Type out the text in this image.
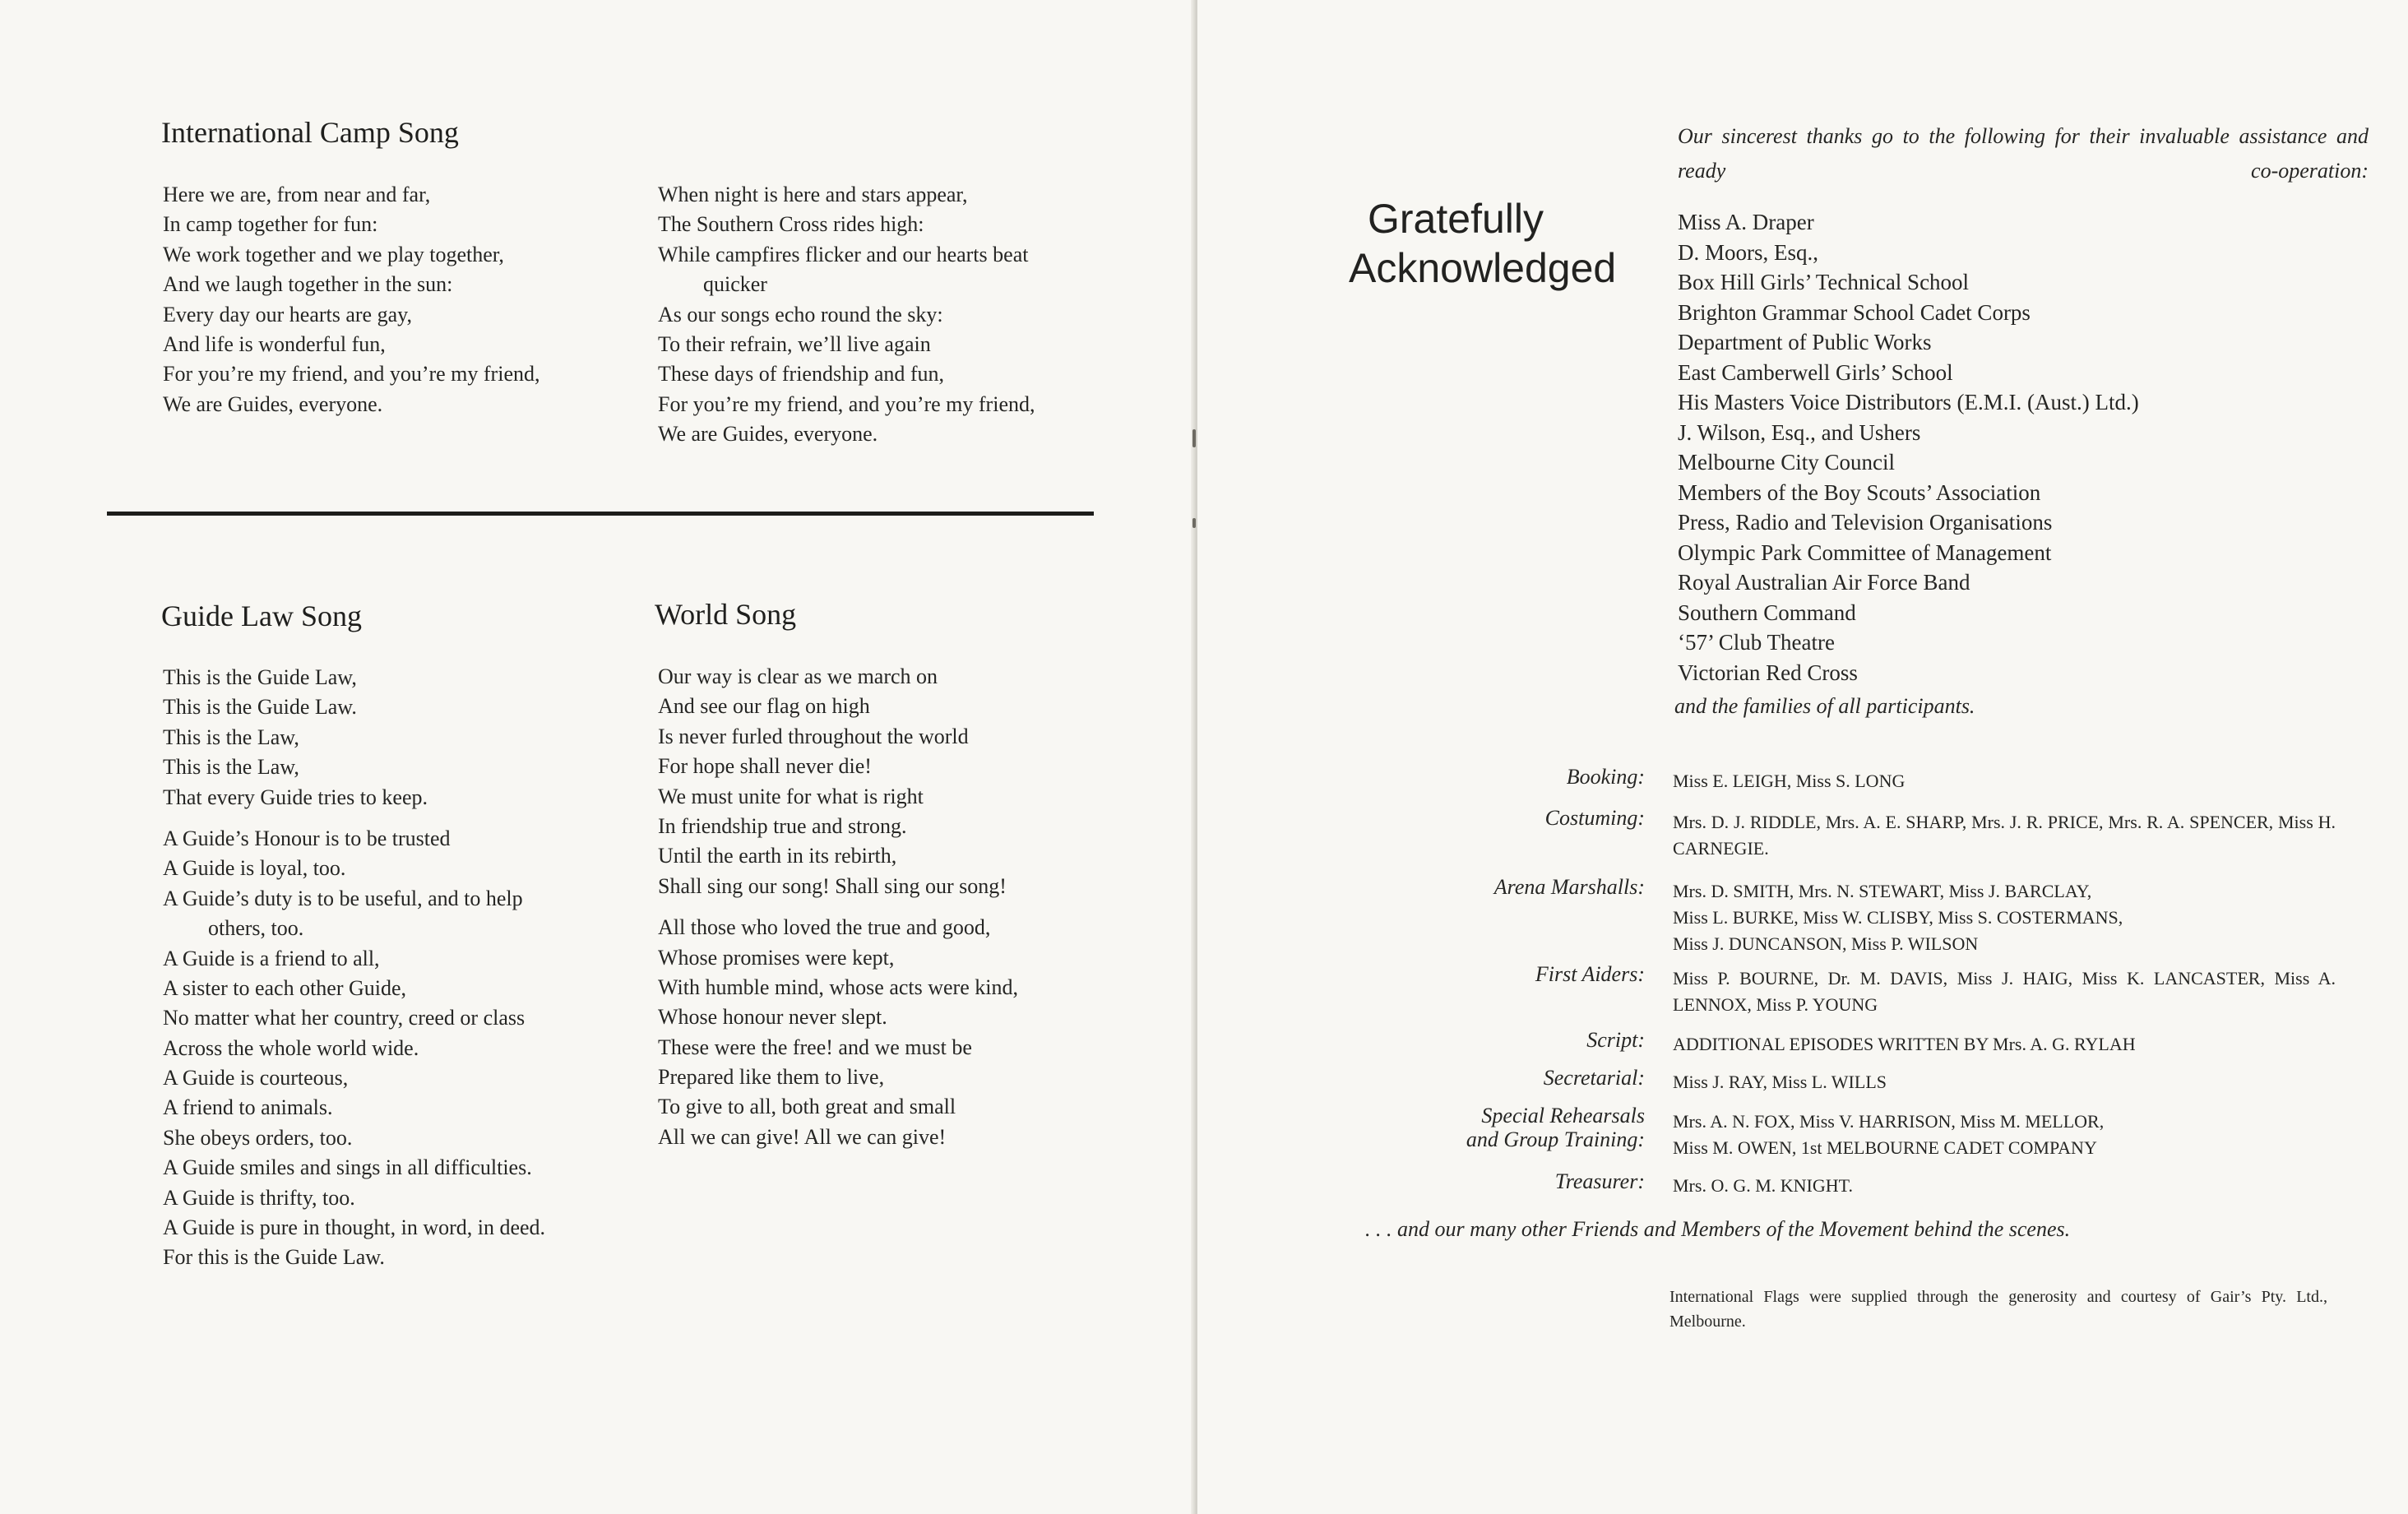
International Camp Song
Here we are, from near and far,
In camp together for fun:
We work together and we play together,
And we laugh together in the sun:
Every day our hearts are gay,
And life is wonderful fun,
For you’re my friend, and you’re my friend,
We are Guides, everyone.
When night is here and stars appear,
The Southern Cross rides high:
While campfires flicker and our hearts beat
quicker
As our songs echo round the sky:
To their refrain, we’ll live again
These days of friendship and fun,
For you’re my friend, and you’re my friend,
We are Guides, everyone.
Guide Law Song
This is the Guide Law,
This is the Guide Law.
This is the Law,
This is the Law,
That every Guide tries to keep.
A Guide’s Honour is to be trusted
A Guide is loyal, too.
A Guide’s duty is to be useful, and to help
others, too.
A Guide is a friend to all,
A sister to each other Guide,
No matter what her country, creed or class
Across the whole world wide.
A Guide is courteous,
A friend to animals.
She obeys orders, too.
A Guide smiles and sings in all difficulties.
A Guide is thrifty, too.
A Guide is pure in thought, in word, in deed.
For this is the Guide Law.
World Song
Our way is clear as we march on
And see our flag on high
Is never furled throughout the world
For hope shall never die!
We must unite for what is right
In friendship true and strong.
Until the earth in its rebirth,
Shall sing our song! Shall sing our song!
All those who loved the true and good,
Whose promises were kept,
With humble mind, whose acts were kind,
Whose honour never slept.
These were the free! and we must be
Prepared like them to live,
To give to all, both great and small
All we can give! All we can give!

Our sincerest thanks go to the following for their invaluable assistance and ready co-operation:

Gratefully
Acknowledged
Miss A. Draper
D. Moors, Esq.,
Box Hill Girls’ Technical School
Brighton Grammar School Cadet Corps
Department of Public Works
East Camberwell Girls’ School
His Masters Voice Distributors (E.M.I. (Aust.) Ltd.)
J. Wilson, Esq., and Ushers
Melbourne City Council
Members of the Boy Scouts’ Association
Press, Radio and Television Organisations
Olympic Park Committee of Management
Royal Australian Air Force Band
Southern Command
‘57’ Club Theatre
Victorian Red Cross

and the families of all participants.

Booking: Miss E. LEIGH, Miss S. LONG
Costuming: Mrs. D. J. RIDDLE, Mrs. A. E. SHARP, Mrs. J. R. PRICE, Mrs. R. A. SPENCER, Miss H. CARNEGIE.
Arena Marshalls: Mrs. D. SMITH, Mrs. N. STEWART, Miss J. BARCLAY,
Miss L. BURKE, Miss W. CLISBY, Miss S. COSTERMANS,
Miss J. DUNCANSON, Miss P. WILSON
First Aiders: Miss P. BOURNE, Dr. M. DAVIS, Miss J. HAIG, Miss K. LANCASTER, Miss A. LENNOX, Miss P. YOUNG
Script: ADDITIONAL EPISODES WRITTEN BY Mrs. A. G. RYLAH
Secretarial: Miss J. RAY, Miss L. WILLS
Special Rehearsals
and Group Training:
Mrs. A. N. FOX, Miss V. HARRISON, Miss M. MELLOR,
Miss M. OWEN, 1st MELBOURNE CADET COMPANY
Treasurer: Mrs. O. G. M. KNIGHT.

. . . and our many other Friends and Members of the Movement behind the scenes.

International Flags were supplied through the generosity and courtesy of Gair’s Pty. Ltd., Melbourne.
